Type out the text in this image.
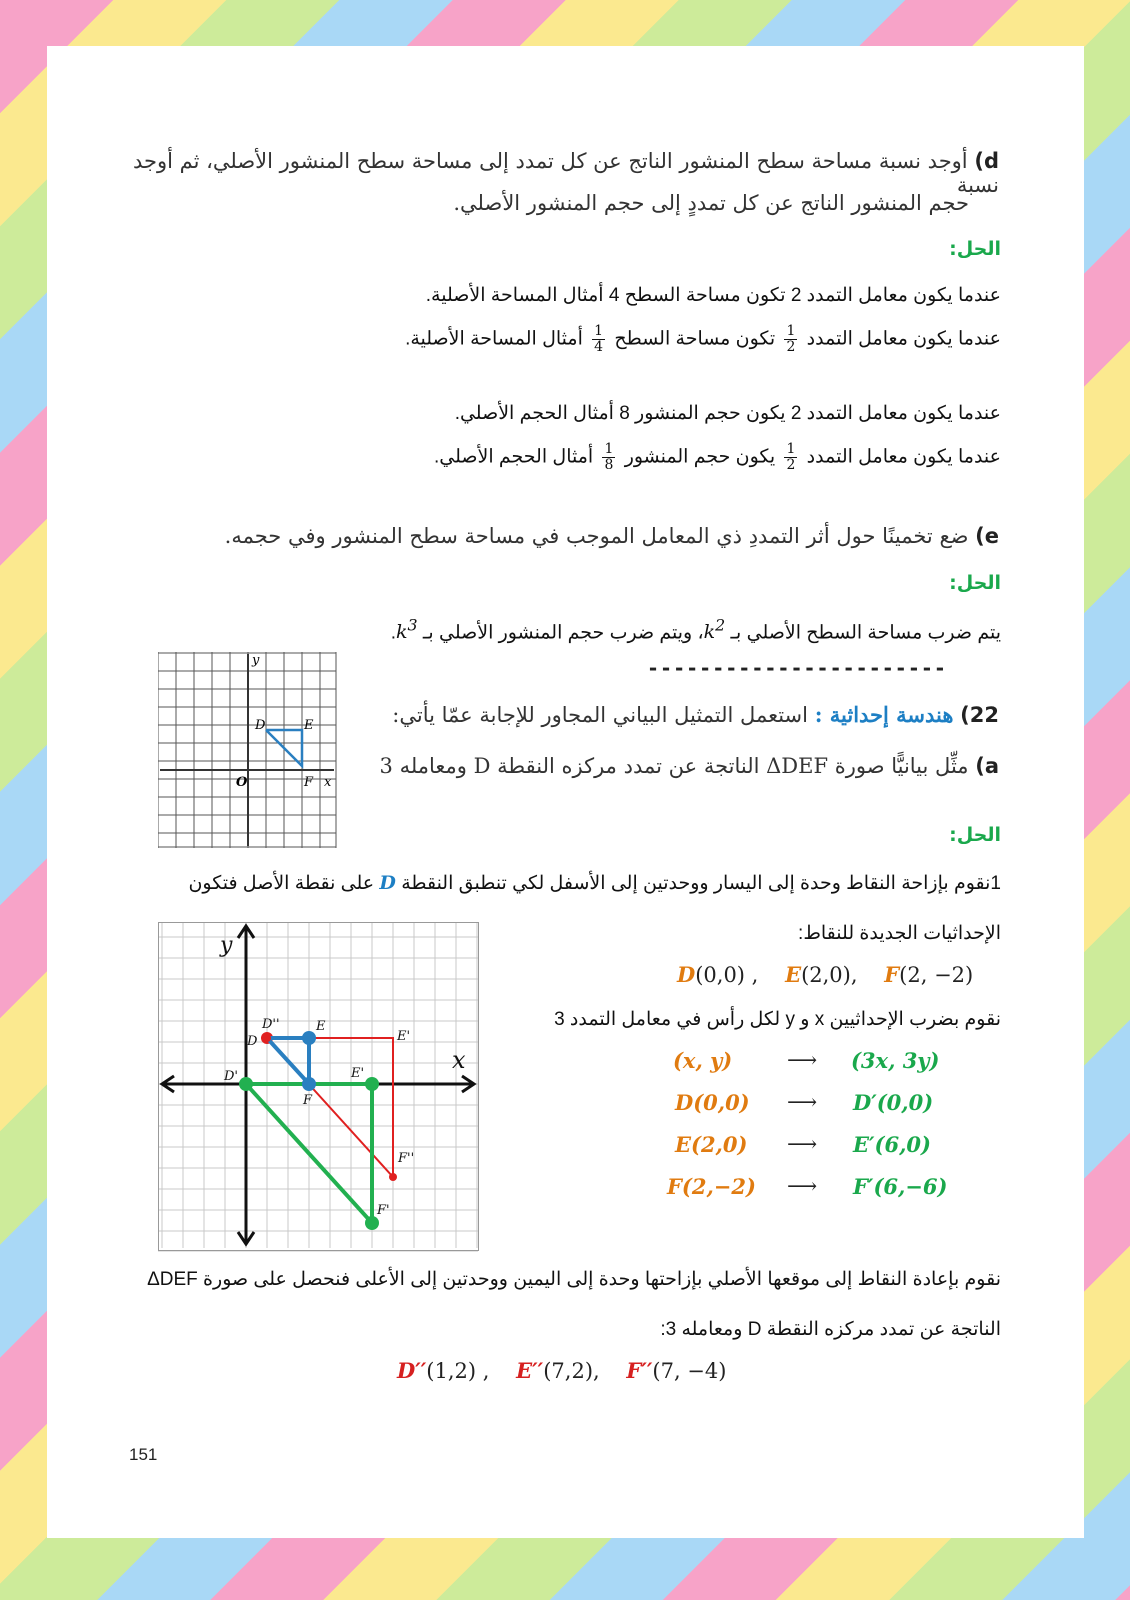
d) أوجد نسبة مساحة سطح المنشور الناتج عن كل تمدد إلى مساحة سطح المنشور الأصلي، ثم أوجد نسبة
حجم المنشور الناتج عن كل تمددٍ إلى حجم المنشور الأصلي.
الحل:
عندما يكون معامل التمدد 2 تكون مساحة السطح 4 أمثال المساحة الأصلية.
عندما يكون معامل التمدد
$\frac{1}{2}$
تكون مساحة السطح
$\frac{1}{4}$
أمثال المساحة الأصلية.
عندما يكون معامل التمدد 2 يكون حجم المنشور 8 أمثال الحجم الأصلي.
عندما يكون معامل التمدد
$\frac{1}{2}$
يكون حجم المنشور
$\frac{1}{8}$
أمثال الحجم الأصلي.
e) ضع تخمينًا حول أثر التمددِ ذي المعامل الموجب في مساحة سطح المنشور وفي حجمه.
الحل:
يتم ضرب مساحة السطح الأصلي بـ $k^2،$ ويتم ضرب حجم المنشور الأصلي بـ $k^3$.
-----------------------
y
D	E
O	F x
22) هندسة إحداثية : استعمل التمثيل البياني المجاور للإجابة عمّا يأتي:
a) مثِّل بيانيًّا صورة ΔDEF الناتجة عن تمدد مركزه النقطة D ومعامله 3
الحل:
1نقوم بإزاحة النقاط وحدة إلى اليسار ووحدتين إلى الأسفل لكي تنطبق النقطة D على نقطة الأصل فتكون
الإحداثيات الجديدة للنقاط:
D(0,0) , E(2,0), F(2, −2)
نقوم بضرب الإحداثيين x و y لكل رأس في معامل التمدد 3
(x, y)	⟶ (3x, 3y)
D(0,0) ⟶ D′(0,0)
E(2,0) ⟶ E′(6,0)
F(2,−2) ⟶ F′(6,−6)
y
x
D''
D
E
E'
D'	E'
F
F''
F'
نقوم بإعادة النقاط إلى موقعها الأصلي بإزاحتها وحدة إلى اليمين ووحدتين إلى الأعلى فنحصل على صورة ΔDEF
الناتجة عن تمدد مركزه النقطة D ومعامله 3:
D′′(1,2) , E′′(7,2), F′′(7, −4)
151
